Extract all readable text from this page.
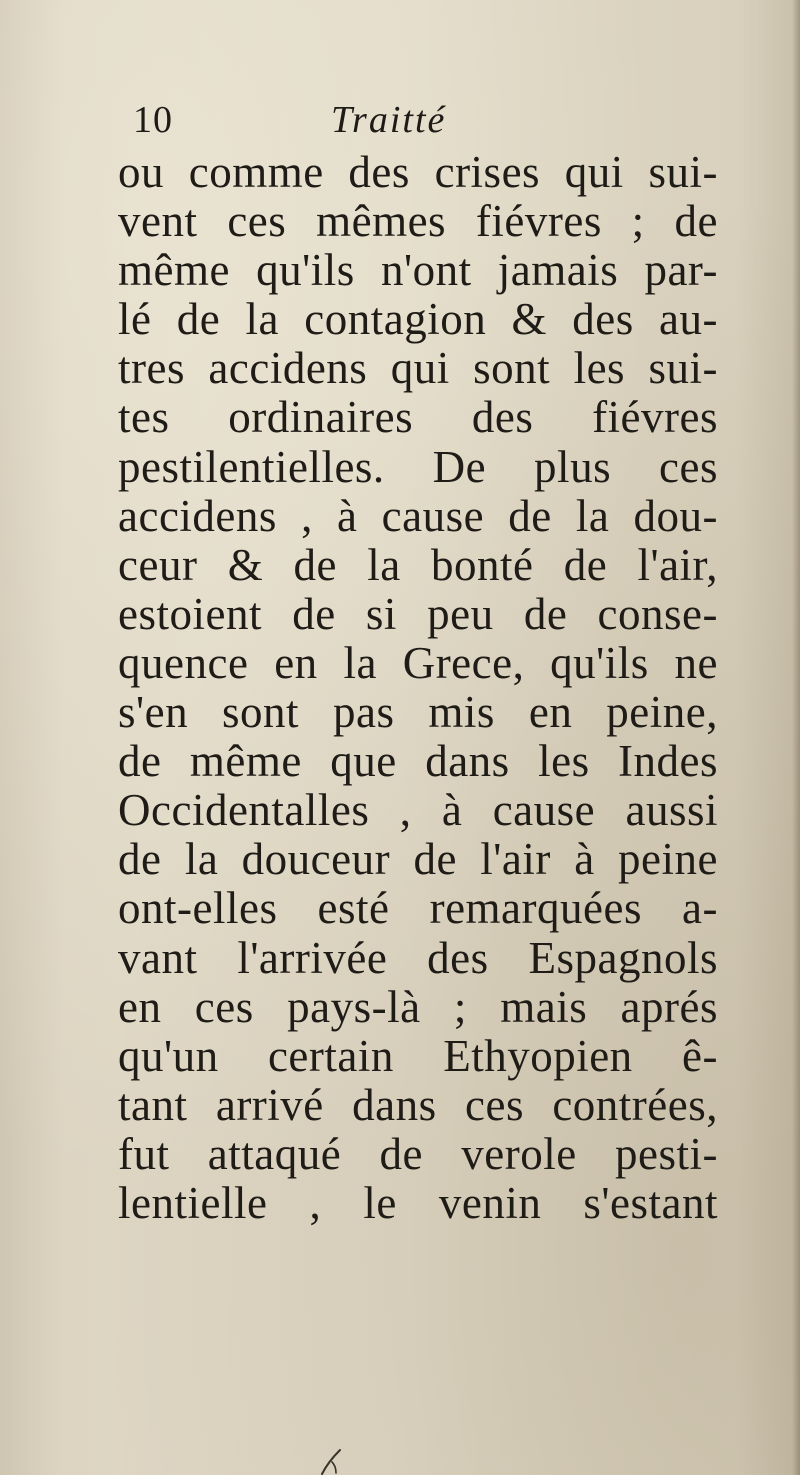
10	Traitté
ou comme des crises qui sui-
vent ces mêmes fiévres ; de
même qu'ils n'ont jamais par-
lé de la contagion & des au-
tres accidens qui sont les sui-
tes ordinaires des fiévres
pestilentielles. De plus ces
accidens , à cause de la dou-
ceur & de la bonté de l'air,
estoient de si peu de conse-
quence en la Grece, qu'ils ne
s'en sont pas mis en peine,
de même que dans les Indes
Occidentalles , à cause aussi
de la douceur de l'air à peine
ont-elles esté remarquées a-
vant l'arrivée des Espagnols
en ces pays-là ; mais aprés
qu'un certain Ethyopien ê-
tant arrivé dans ces contrées,
fut attaqué de verole pesti-
lentielle , le venin s'estant
